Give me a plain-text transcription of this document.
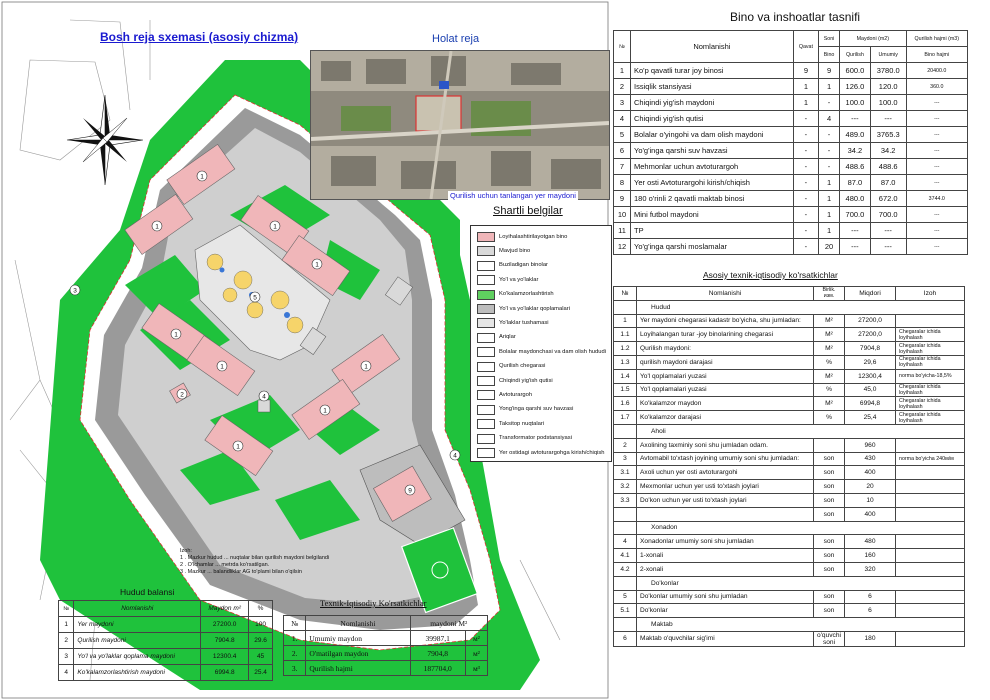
1
1	1
1
1
1	1
1
1
9
2	4
5
3
4
Bosh reja sxemasi (asosiy chizma)	Holat reja
Qurilish uchun tanlangan yer maydoni
Shartli belgilar
Loyihalashtirilayotgan bino
Mavjud bino
Buziladigan binolar
Yo'l va yo'laklar
Ko'kalamzorlashtirish
Yo'l va yo'laklar qoplamalari
Yo'laklar tushamasi
Ariqlar
Bolalar maydonchasi va dam olish hududi
Qurilish chegarasi
Chiqindi yig'ish qutisi
Avtoturargoh
Yong'inga qarshi suv havzasi
Taksitop nuqtalari
Transformator podstansiyasi
Yer ostidagi avtoturargohga kirish/chiqish
Izoh:
1 . Mazkur hudud ... nuqtalar bilan qurilish maydoni belgilandi
2 . O'lchamlar ... metrda ko'rsatilgan.
3 . Mazkur ... balandliklar AG to'plami bilan o'qilsin
Hudud balansi
№	Nomlanishi	Maydon m²	%
1	Yer maydoni	27200.0	100
2	Qurilish maydoni	7904.8	29.6
3	Yo'l va yo'laklar qoplama maydoni	12300.4	45
4	Ko'kalamzorlashtirish maydoni	6994.8	25.4
Texnik-Iqtisodiy Ko'rsatkichlar
№	Nomlanishi	maydoni M²	
1.	Umumiy maydon	39987,1	м²
2.	O'matilgan maydon	7904,8	м²
3.	Qurilish hajmi	187704,0	м³
Bino va inshoatlar tasnifi
№	Nomlanishi	Qavat	Soni	Maydoni (m2)		Qurilish hajmi (m3)
			Bino	Qurilish	Umumiy	Bino hajmi
1	Ko'p qavatli turar joy binosi	9	9	600.0	3780.0	20400.0
2	Issiqlik stansiyasi	1	1	126.0	120.0	360.0
3	Chiqindi yig'ish maydoni	1	-	100.0	100.0	---
4	Chiqindi yig'ish qutisi	-	4	---	---	---
5	Bolalar o'yingohi va dam olish maydoni	-	-	489.0	3765.3	---
6	Yo'g'inga qarshi suv havzasi	-	-	34.2	34.2	---
7	Mehmonlar uchun avtoturargoh	-	-	488.6	488.6	---
8	Yer osti Avtoturargohi kirish/chiqish	-	1	87.0	87.0	---
9	180 o'rinli 2 qavatli maktab binosi	-	1	480.0	672.0	3744.0
10	Mini futbol maydoni	-	1	700.0	700.0	---
11	TP	-	1	---	---	---
12	Yo'g'inga qarshi moslamalar	-	20	---	---	---
Asosiy texnik-iqtisodiy ko'rsatkichlar
№	Nomlanishi	Birlik. изм.	Miqdori	Izoh
	Hudud			
1	Yer maydoni chegarasi kadastr bo'yicha, shu jumladan:	M²	27200,0	
1.1	Loyihalangan turar -joy binolarining chegarasi	M²	27200,0	Chegaralar ichida loyihalash
1.2	Qurilish maydoni:	M²	7904,8	Chegaralar ichida loyihalash
1.3	qurilish maydoni darajasi	%	29,6	Chegaralar ichida loyihalash
1.4	Yo'l qoplamalari yuzasi	M²	12300,4	norma bo'yicha-18,5%
1.5	Yo'l qoplamalari yuzasi	%	45,0	Chegaralar ichida loyihalash
1.6	Ko'kalamzor maydon	M²	6994,8	Chegaralar ichida loyihalash
1.7	Ko'kalamzor darajasi	%	25,4	Chegaralar ichida loyihalash
	Aholi			
2	Axolining taxminiy soni shu jumladan odam.		960	
3	Avtomabil to'xtash joyining umumiy soni shu jumladan:	son	430	norma bo'yicha 240м/м
3.1	Axoli uchun yer osti avtoturargohi	son	400	
3.2	Mexmonlar uchun yer usti to'xtash joylari	son	20	
3.3	Do'kon uchun yer usti to'xtash joylari	son	10	
		son	400	
	Xonadon			
4	Xonadonlar umumiy soni shu jumladan	son	480	
4.1	1-xonali	son	160	
4.2	2-xonali	son	320	
	Do'konlar			
5	Do'konlar umumiy soni shu jumladan	son	6	
5.1	Do'konlar	son	6	
	Maktab			
6	Maktab o'quvchilar sig'imi	o'quvchi soni	180	
